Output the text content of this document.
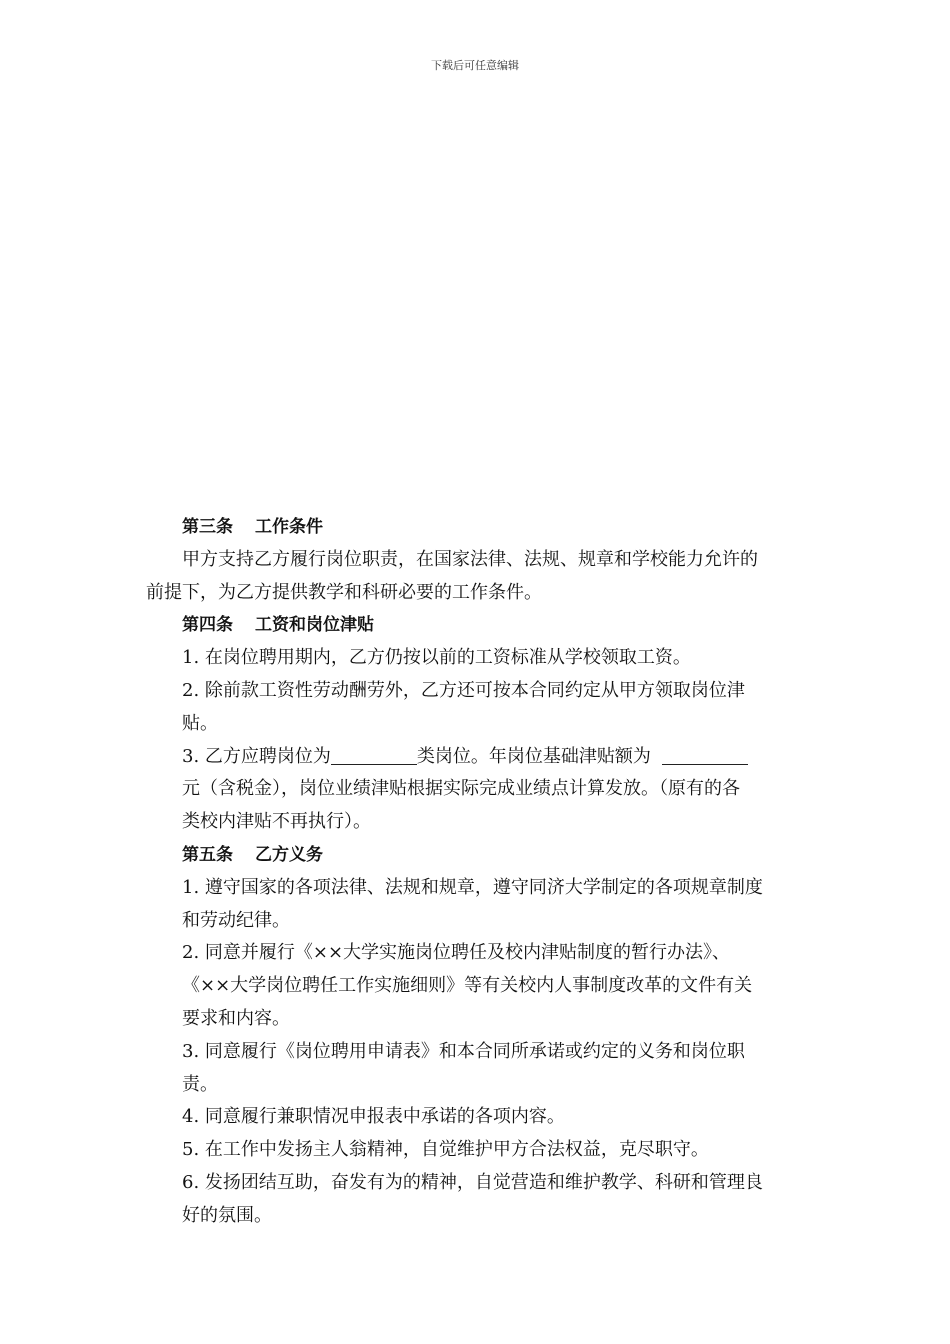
下载后可任意编辑
第三条 工作条件
甲方支持乙方履行岗位职责，在国家法律、法规、规章和学校能力允许的
前提下，为乙方提供教学和科研必要的工作条件。
第四条 工资和岗位津贴
1. 在岗位聘用期内，乙方仍按以前的工资标准从学校领取工资。
2. 除前款工资性劳动酬劳外，乙方还可按本合同约定从甲方领取岗位津
贴。
3. 乙方应聘岗位为	类岗位。年岗位基础津贴额为
元（含税金），岗位业绩津贴根据实际完成业绩点计算发放。（原有的各
类校内津贴不再执行）。
第五条 乙方义务
1. 遵守国家的各项法律、法规和规章，遵守同济大学制定的各项规章制度
和劳动纪律。
2. 同意并履行《××大学实施岗位聘任及校内津贴制度的暂行办法》、
《××大学岗位聘任工作实施细则》等有关校内人事制度改革的文件有关
要求和内容。
3. 同意履行《岗位聘用申请表》和本合同所承诺或约定的义务和岗位职
责。
4. 同意履行兼职情况申报表中承诺的各项内容。
5. 在工作中发扬主人翁精神，自觉维护甲方合法权益，克尽职守。
6. 发扬团结互助，奋发有为的精神，自觉营造和维护教学、科研和管理良
好的氛围。
